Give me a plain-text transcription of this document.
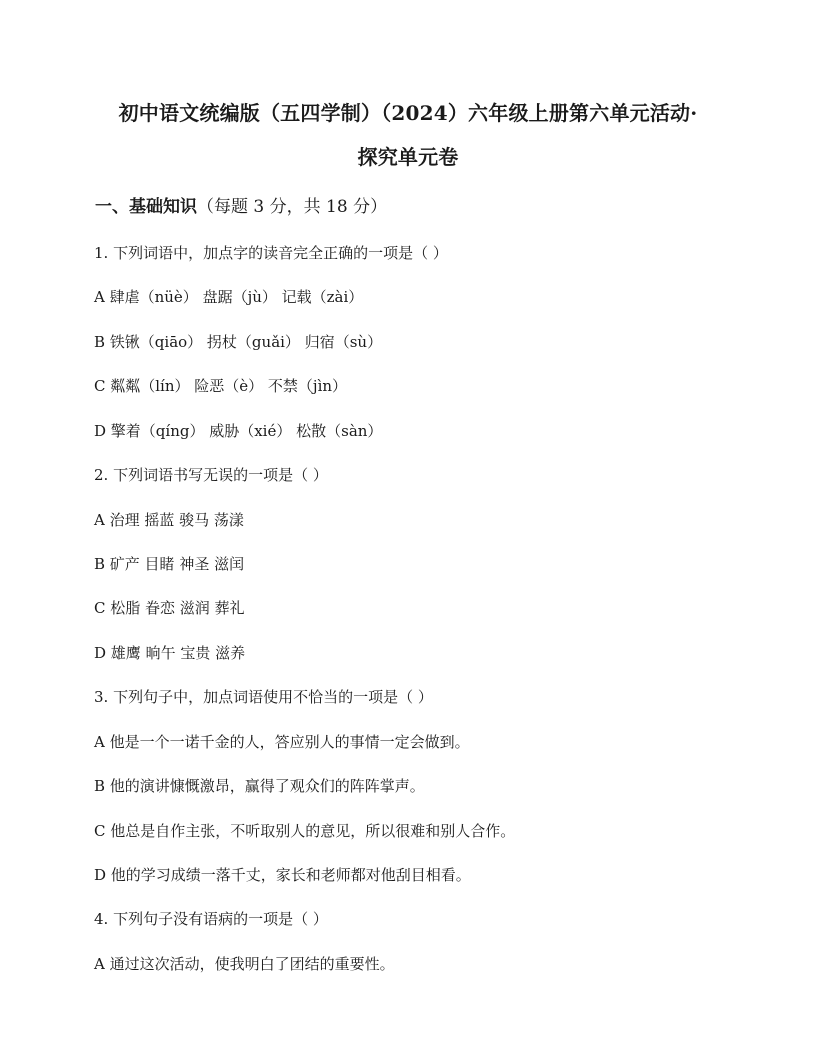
初中语文统编版（五四学制）（2024）六年级上册第六单元活动·
探究单元卷
一、基础知识（每题 3 分，共 18 分）
1. 下列词语中，加点字的读音完全正确的一项是（ ）
A 肆虐（nüè） 盘踞（jù） 记载（zài）
B 铁锹（qiāo） 拐杖（guǎi） 归宿（sù）
C 粼粼（lín） 险恶（è） 不禁（jìn）
D 擎着（qíng） 威胁（xié） 松散（sàn）
2. 下列词语书写无误的一项是（ ）
A 治理 摇蓝 骏马 荡漾
B 矿产 目睹 神圣 滋闰
C 松脂 眷恋 滋润 葬礼
D 雄鹰 晌午 宝贵 滋养
3. 下列句子中，加点词语使用不恰当的一项是（ ）
A 他是一个一诺千金的人，答应别人的事情一定会做到。
B 他的演讲慷慨激昂，赢得了观众们的阵阵掌声。
C 他总是自作主张，不听取别人的意见，所以很难和别人合作。
D 他的学习成绩一落千丈，家长和老师都对他刮目相看。
4. 下列句子没有语病的一项是（ ）
A 通过这次活动，使我明白了团结的重要性。
